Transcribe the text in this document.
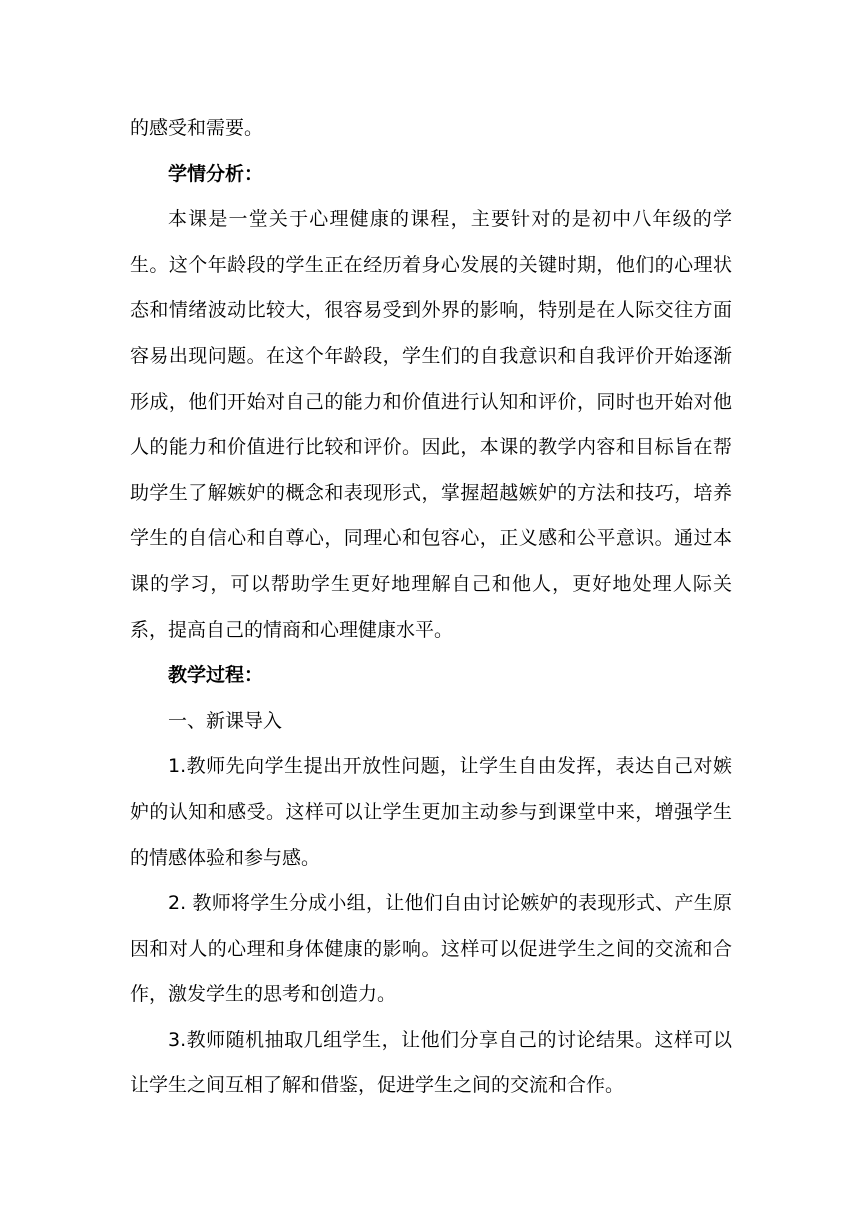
的感受和需要。

学情分析：

本课是一堂关于心理健康的课程，主要针对的是初中八年级的学生。这个年龄段的学生正在经历着身心发展的关键时期，他们的心理状态和情绪波动比较大，很容易受到外界的影响，特别是在人际交往方面容易出现问题。在这个年龄段，学生们的自我意识和自我评价开始逐渐形成，他们开始对自己的能力和价值进行认知和评价，同时也开始对他人的能力和价值进行比较和评价。因此，本课的教学内容和目标旨在帮助学生了解嫉妒的概念和表现形式，掌握超越嫉妒的方法和技巧，培养学生的自信心和自尊心，同理心和包容心，正义感和公平意识。通过本课的学习，可以帮助学生更好地理解自己和他人，更好地处理人际关系，提高自己的情商和心理健康水平。

教学过程：

一、新课导入

1.教师先向学生提出开放性问题，让学生自由发挥，表达自己对嫉妒的认知和感受。这样可以让学生更加主动参与到课堂中来，增强学生的情感体验和参与感。

2. 教师将学生分成小组，让他们自由讨论嫉妒的表现形式、产生原因和对人的心理和身体健康的影响。这样可以促进学生之间的交流和合作，激发学生的思考和创造力。

3.教师随机抽取几组学生，让他们分享自己的讨论结果。这样可以让学生之间互相了解和借鉴，促进学生之间的交流和合作。
